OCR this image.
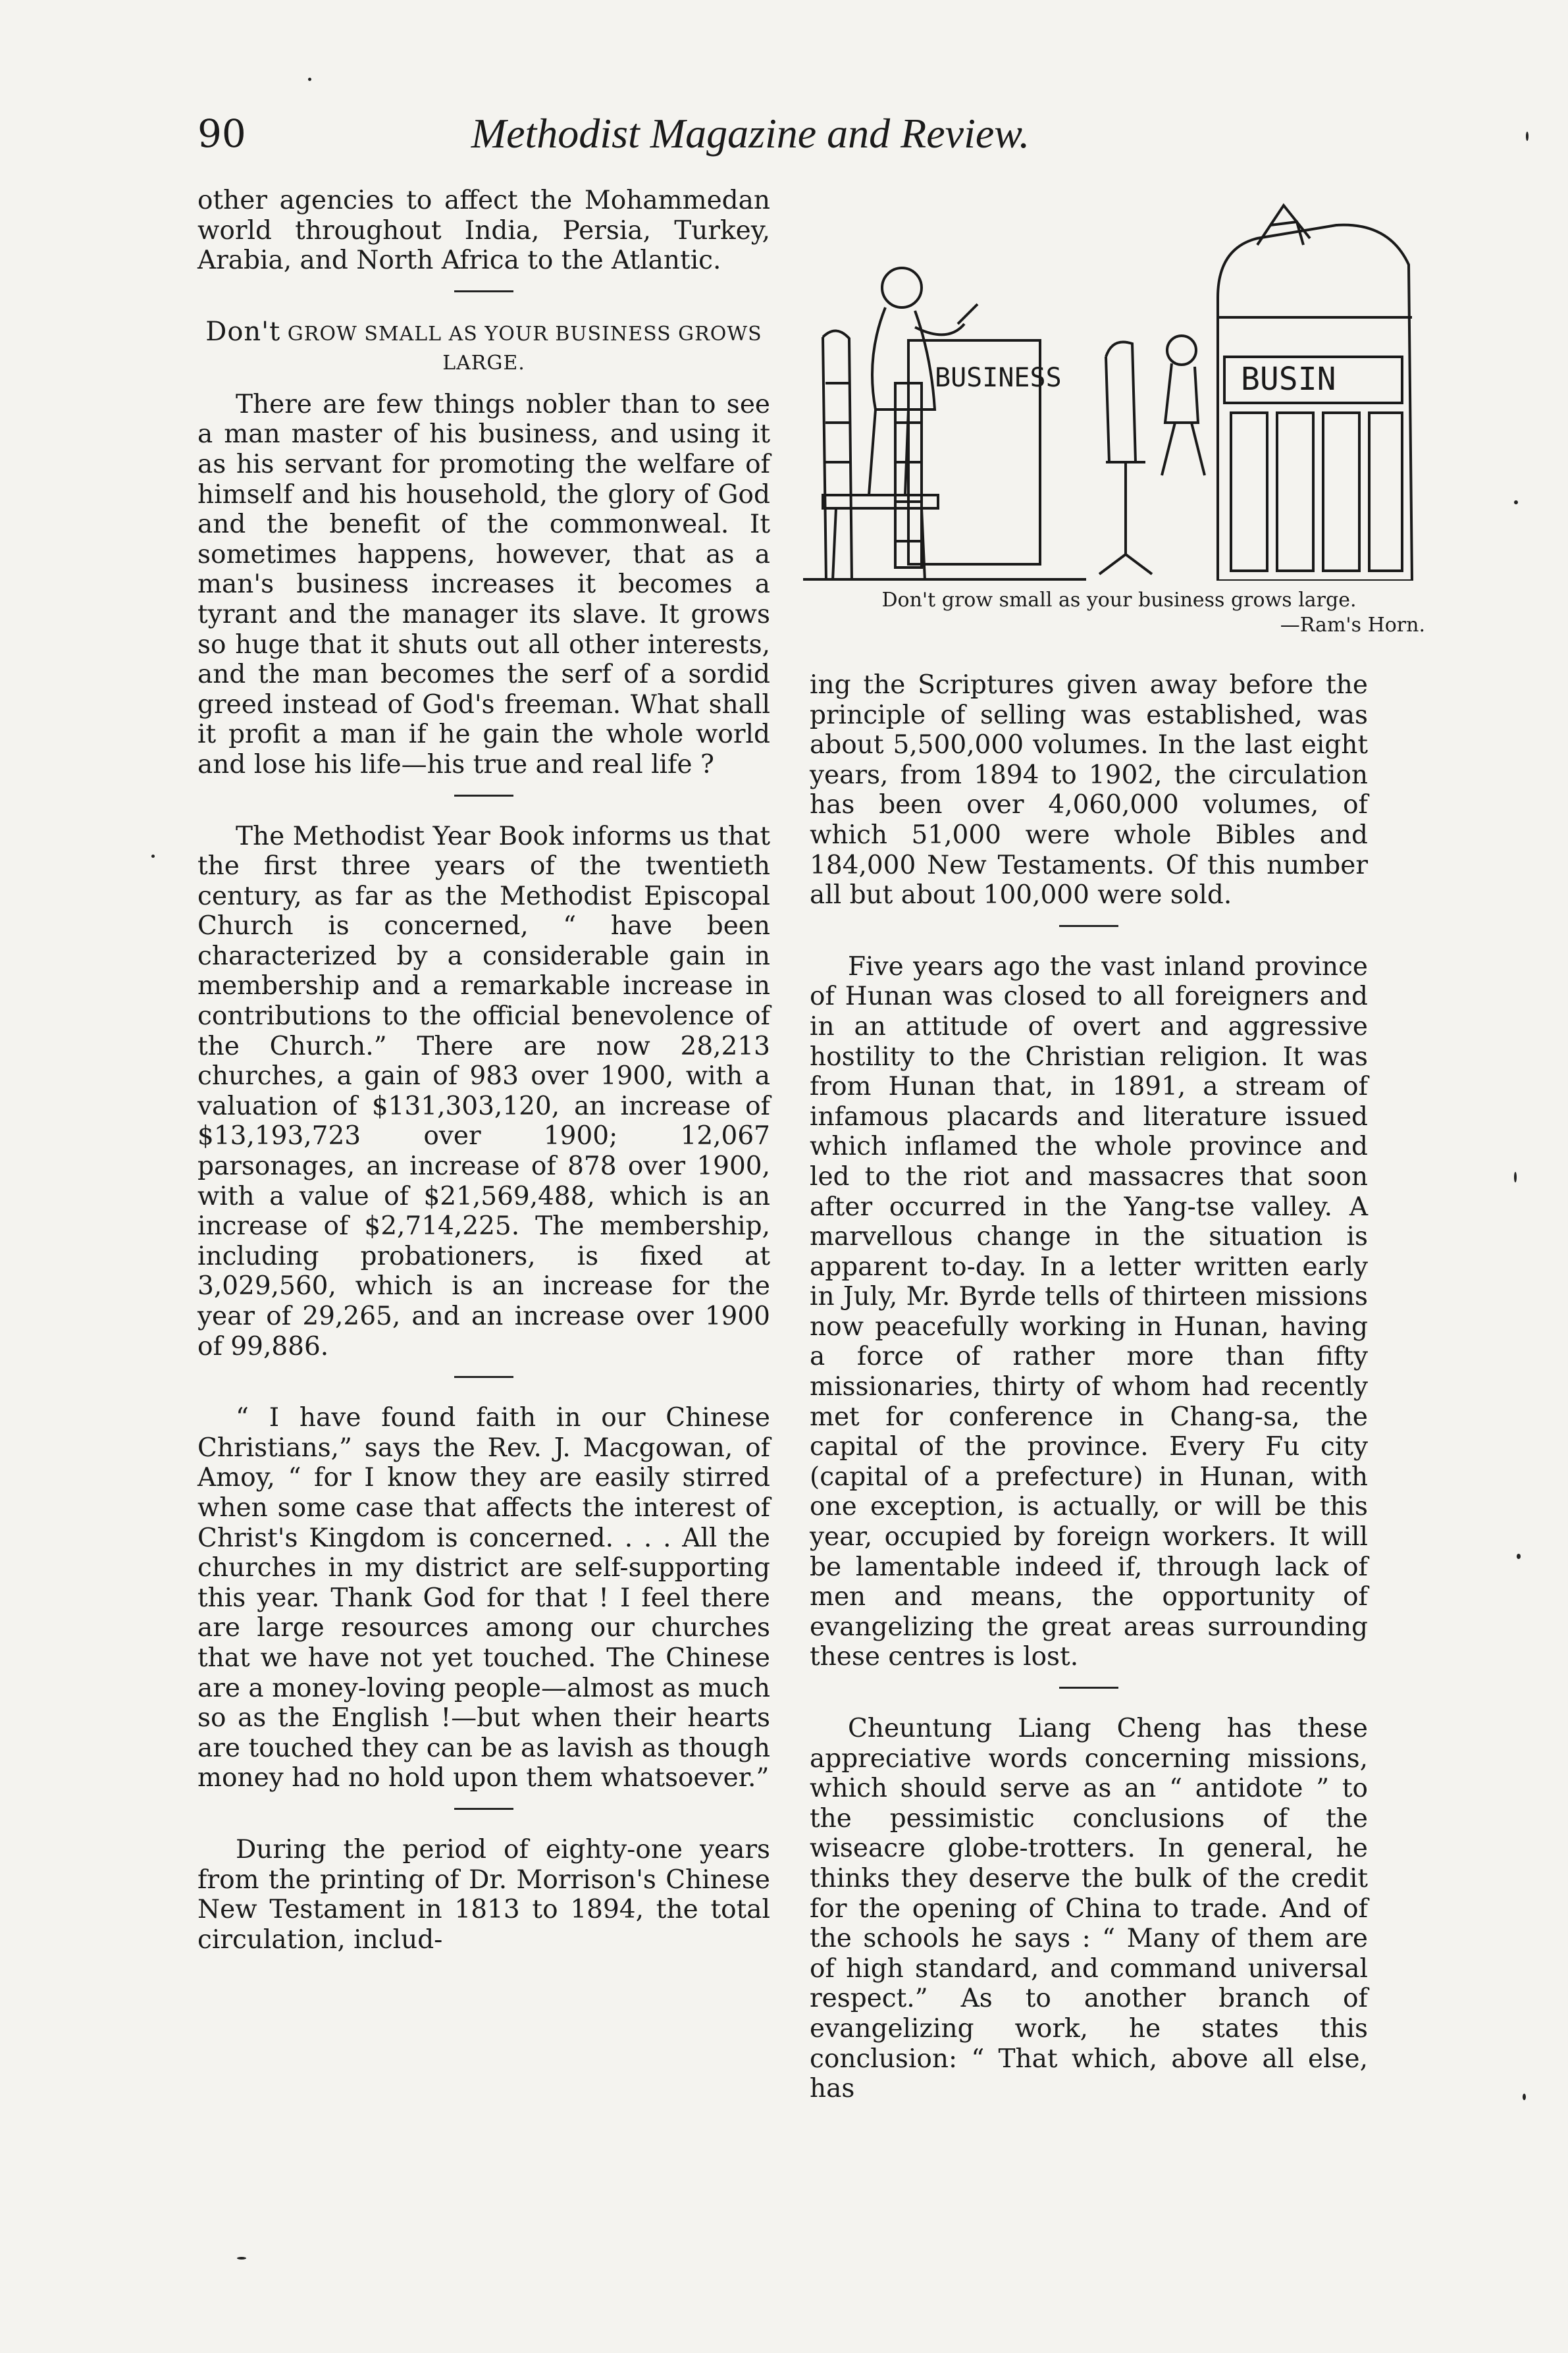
90	Methodist Magazine and Review.

other agencies to affect the Mohammedan world throughout India, Persia, Turkey, Arabia, and North Africa to the Atlantic.

Don't GROW SMALL AS YOUR BUSINESS GROWS LARGE.

There are few things nobler than to see a man master of his business, and using it as his servant for promoting the welfare of himself and his household, the glory of God and the benefit of the commonweal. It sometimes happens, however, that as a man's business increases it becomes a tyrant and the manager its slave. It grows so huge that it shuts out all other interests, and the man becomes the serf of a sordid greed instead of God's freeman. What shall it profit a man if he gain the whole world and lose his life—his true and real life ?

The Methodist Year Book informs us that the first three years of the twentieth century, as far as the Methodist Episcopal Church is concerned, “ have been characterized by a considerable gain in membership and a remarkable increase in contributions to the official benevolence of the Church.” There are now 28,213 churches, a gain of 983 over 1900, with a valuation of $131,303,120, an increase of $13,193,723 over 1900; 12,067 parsonages, an increase of 878 over 1900, with a value of $21,569,488, which is an increase of $2,714,225. The membership, including probationers, is fixed at 3,029,560, which is an increase for the year of 29,265, and an increase over 1900 of 99,886.

“ I have found faith in our Chinese Christians,” says the Rev. J. Macgowan, of Amoy, “ for I know they are easily stirred when some case that affects the interest of Christ's Kingdom is concerned. . . . All the churches in my district are self-supporting this year. Thank God for that ! I feel there are large resources among our churches that we have not yet touched. The Chinese are a money-loving people—almost as much so as the English !—but when their hearts are touched they can be as lavish as though money had no hold upon them whatsoever.”

During the period of eighty-one years from the printing of Dr. Morrison's Chinese New Testament in 1813 to 1894, the total circulation, includ-

BUSINESS	BUSIN
Don't grow small as your business grows large.
—Ram's Horn.

ing the Scriptures given away before the principle of selling was established, was about 5,500,000 volumes. In the last eight years, from 1894 to 1902, the circulation has been over 4,060,000 volumes, of which 51,000 were whole Bibles and 184,000 New Testaments. Of this number all but about 100,000 were sold.

Five years ago the vast inland province of Hunan was closed to all foreigners and in an attitude of overt and aggressive hostility to the Christian religion. It was from Hunan that, in 1891, a stream of infamous placards and literature issued which inflamed the whole province and led to the riot and massacres that soon after occurred in the Yang-tse valley. A marvellous change in the situation is apparent to-day. In a letter written early in July, Mr. Byrde tells of thirteen missions now peacefully working in Hunan, having a force of rather more than fifty missionaries, thirty of whom had recently met for conference in Chang-sa, the capital of the province. Every Fu city (capital of a prefecture) in Hunan, with one exception, is actually, or will be this year, occupied by foreign workers. It will be lamentable indeed if, through lack of men and means, the opportunity of evangelizing the great areas surrounding these centres is lost.

Cheuntung Liang Cheng has these appreciative words concerning missions, which should serve as an “ antidote ” to the pessimistic conclusions of the wiseacre globe-trotters. In general, he thinks they deserve the bulk of the credit for the opening of China to trade. And of the schools he says : “ Many of them are of high standard, and command universal respect.” As to another branch of evangelizing work, he states this conclusion: “ That which, above all else, has
